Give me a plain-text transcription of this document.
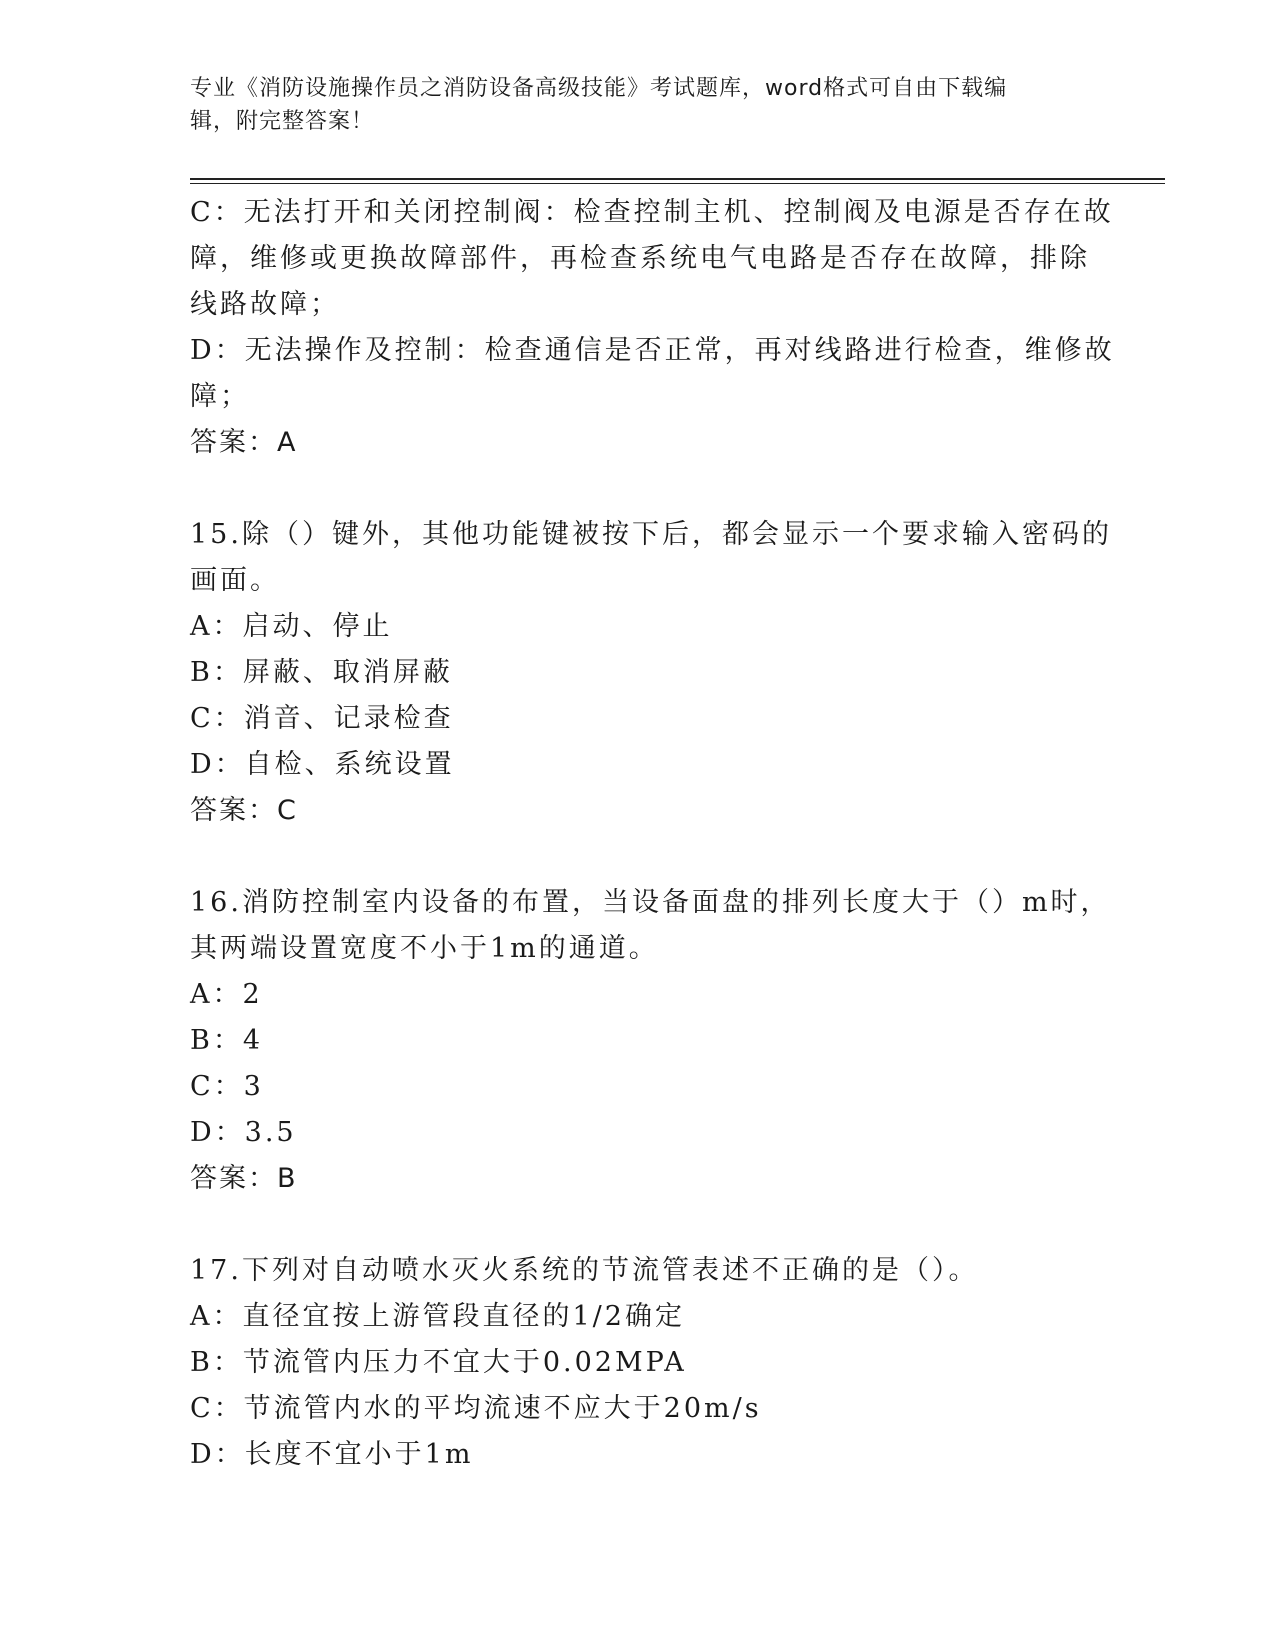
专业《消防设施操作员之消防设备高级技能》考试题库，word格式可自由下载编
辑，附完整答案！
C：无法打开和关闭控制阀：检查控制主机、控制阀及电源是否存在故
障，维修或更换故障部件，再检查系统电气电路是否存在故障，排除
线路故障；
D：无法操作及控制：检查通信是否正常，再对线路进行检查，维修故
障；
答案：A
15.除（）键外，其他功能键被按下后，都会显示一个要求输入密码的
画面。
A：启动、停止
B：屏蔽、取消屏蔽
C：消音、记录检查
D：自检、系统设置
答案：C
16.消防控制室内设备的布置，当设备面盘的排列长度大于（）m时，
其两端设置宽度不小于1m的通道。
A：2
B：4
C：3
D：3.5
答案：B
17.下列对自动喷水灭火系统的节流管表述不正确的是（）。
A：直径宜按上游管段直径的1/2确定
B：节流管内压力不宜大于0.02MPA
C：节流管内水的平均流速不应大于20m/s
D：长度不宜小于1m
